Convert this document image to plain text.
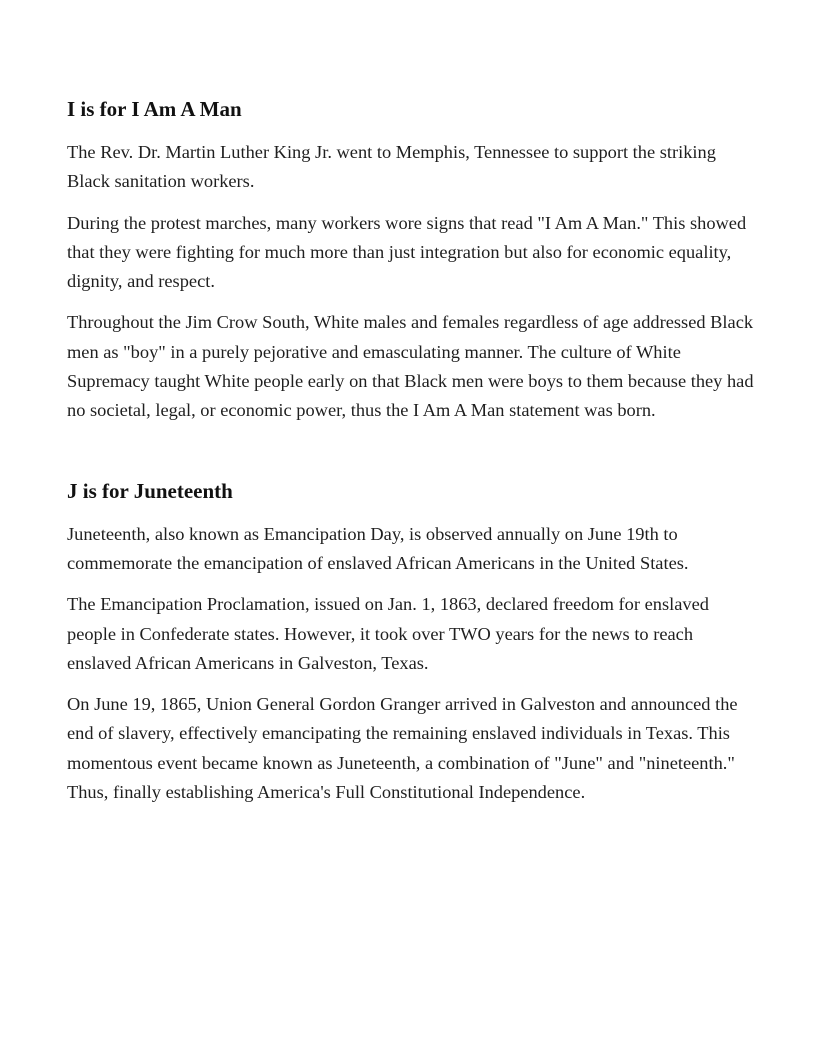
I is for I Am A Man

The Rev. Dr. Martin Luther King Jr. went to Memphis, Tennessee to support the striking Black sanitation workers.

During the protest marches, many workers wore signs that read "I Am A Man." This showed that they were fighting for much more than just integration but also for economic equality, dignity, and respect.

Throughout the Jim Crow South, White males and females regardless of age addressed Black men as "boy" in a purely pejorative and emasculating manner. The culture of White Supremacy taught White people early on that Black men were boys to them because they had no societal, legal, or economic power, thus the I Am A Man statement was born.

J is for Juneteenth

Juneteenth, also known as Emancipation Day, is observed annually on June 19th to commemorate the emancipation of enslaved African Americans in the United States.

The Emancipation Proclamation, issued on Jan. 1, 1863, declared freedom for enslaved people in Confederate states. However, it took over TWO years for the news to reach enslaved African Americans in Galveston, Texas.

On June 19, 1865, Union General Gordon Granger arrived in Galveston and announced the end of slavery, effectively emancipating the remaining enslaved individuals in Texas. This momentous event became known as Juneteenth, a combination of "June" and "nineteenth." Thus, finally establishing America's Full Constitutional Independence.
